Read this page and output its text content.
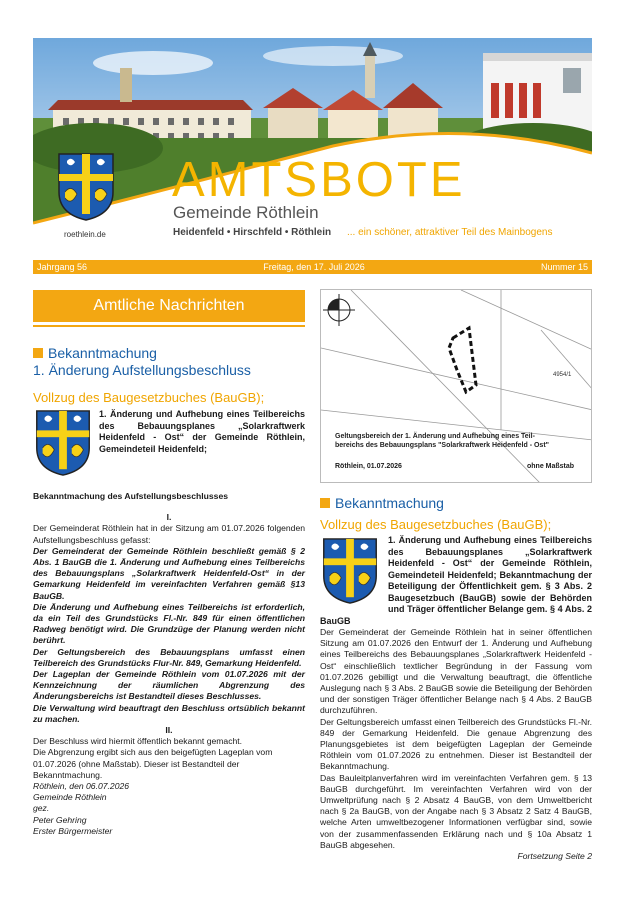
roethlein.de
AMTSBOTE
Gemeinde Röthlein
Heidenfeld • Hirschfeld • Röthlein ... ein schöner, attraktiver Teil des Mainbogens
Jahrgang 56	Freitag, den 17. Juli 2026	Nummer 15
Amtliche Nachrichten
Bekanntmachung
1. Änderung Aufstellungsbeschluss
Vollzug des Baugesetzbuches (BauGB);
1. Änderung und Aufhebung eines Teilbereichs des Bebauungsplanes „Solarkraftwerk Heidenfeld - Ost“ der Gemeinde Röthlein, Gemeindeteil Heidenfeld;
Bekanntmachung des Aufstellungsbeschlusses
I.
Der Gemeinderat Röthlein hat in der Sitzung am 01.07.2026 folgenden Aufstellungsbeschluss gefasst:
Der Gemeinderat der Gemeinde Röthlein beschließt gemäß § 2 Abs. 1 BauGB die 1. Änderung und Aufhebung eines Teilbereichs des Bebauungsplans „Solarkraftwerk Heidenfeld-Ost“ in der Gemarkung Heidenfeld im vereinfachten Verfahren gemäß §13 BauGB.
Die Änderung und Aufhebung eines Teilbereichs ist erforderlich, da ein Teil des Grundstücks Fl.-Nr. 849 für einen öffentlichen Radweg benötigt wird. Die Grundzüge der Planung werden nicht berührt.
Der Geltungsbereich des Bebauungsplans umfasst einen Teilbereich des Grundstücks Flur-Nr. 849, Gemarkung Heidenfeld.
Der Lageplan der Gemeinde Röthlein vom 01.07.2026 mit der Kennzeichnung der räumlichen Abgrenzung des Änderungsbereichs ist Bestandteil dieses Beschlusses.
Die Verwaltung wird beauftragt den Beschluss ortsüblich bekannt zu machen.
II.
Der Beschluss wird hiermit öffentlich bekannt gemacht.
Die Abgrenzung ergibt sich aus den beigefügten Lageplan vom 01.07.2026 (ohne Maßstab). Dieser ist Bestandteil der Bekanntmachung.
Röthlein, den 06.07.2026
Gemeinde Röthlein
gez.
Peter Gehring
Erster Bürgermeister
4954/1
Geltungsbereich der 1. Änderung und Aufhebung eines Teil-
bereichs des Bebauungsplans "Solarkraftwerk Heidenfeld - Ost"
Röthlein, 01.07.2026	ohne Maßstab
Bekanntmachung
Vollzug des Baugesetzbuches (BauGB);
1. Änderung und Aufhebung eines Teilbereichs des Bebauungsplanes „Solarkraftwerk Heidenfeld - Ost“ der Gemeinde Röthlein, Gemeindeteil Heidenfeld; Bekanntmachung der Beteiligung der Öffentlichkeit gem. § 3 Abs. 2 Baugesetzbuch (BauGB) sowie der Behörden und Träger öffentlicher Belange gem. § 4 Abs. 2 BauGB
Der Gemeinderat der Gemeinde Röthlein hat in seiner öffentlichen Sitzung am 01.07.2026 den Entwurf der 1. Änderung und Aufhebung eines Teilbereichs des Bebauungsplanes „Solarkraftwerk Heidenfeld - Ost“ einschließlich textlicher Begründung in der Fassung vom 01.07.2026 gebilligt und die Verwaltung beauftragt, die öffentliche Auslegung nach § 3 Abs. 2 BauGB sowie die Beteiligung der Behörden und der sonstigen Träger öffentlicher Belange nach § 4 Abs. 2 BauGB durchzuführen.
Der Geltungsbereich umfasst einen Teilbereich des Grundstücks Fl.-Nr. 849 der Gemarkung Heidenfeld. Die genaue Abgrenzung des Planungsgebietes ist dem beigefügten Lageplan der Gemeinde Röthlein vom 01.07.2026 zu entnehmen. Dieser ist Bestandteil der Bekanntmachung.
Das Bauleitplanverfahren wird im vereinfachten Verfahren gem. § 13 BauGB durchgeführt. Im vereinfachten Verfahren wird von der Umweltprüfung nach § 2 Absatz 4 BauGB, von dem Umweltbericht nach § 2a BauGB, von der Angabe nach § 3 Absatz 2 Satz 4 BauGB, welche Arten umweltbezogener Informationen verfügbar sind, sowie von der zusammenfassenden Erklärung nach und § 10a Absatz 1 BauGB abgesehen.
Fortsetzung Seite 2
